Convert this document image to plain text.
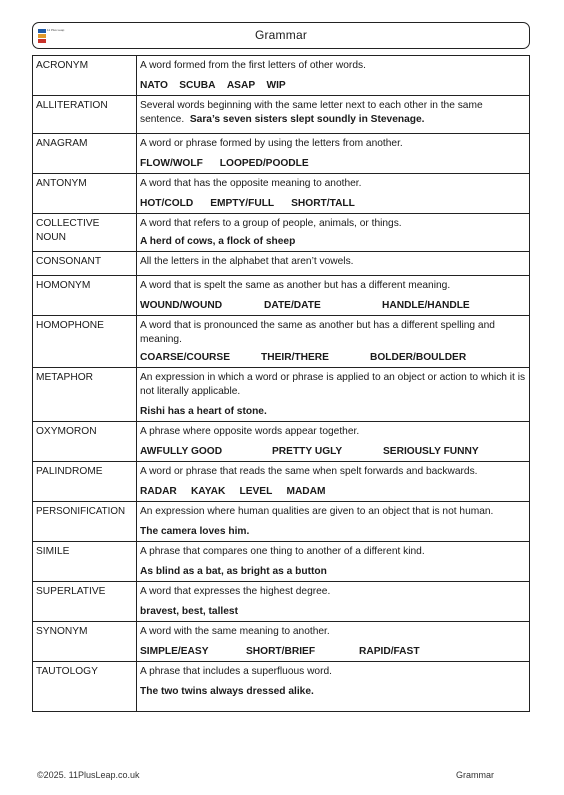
11 Plus Leap	Grammar
ACRONYM	A word formed from the first letters of other words.
NATO SCUBA ASAP WIP

ALLITERATION	Several words beginning with the same letter next to each other in the same sentence. Sara’s seven sisters slept soundly in Stevenage.
ANAGRAM	A word or phrase formed by using the letters from another.
FLOW/WOLF LOOPED/POODLE

ANTONYM	A word that has the opposite meaning to another.
HOT/COLD EMPTY/FULL SHORT/TALL

COLLECTIVE NOUN	A word that refers to a group of people, animals, or things.
A herd of cows, a flock of sheep

CONSONANT	All the letters in the alphabet that aren’t vowels.

HOMONYM	A word that is spelt the same as another but has a different meaning.
WOUND/WOUND DATE/DATE HANDLE/HANDLE

HOMOPHONE	A word that is pronounced the same as another but has a different spelling and meaning.
COARSE/COURSE THEIR/THERE BOLDER/BOULDER

METAPHOR	An expression in which a word or phrase is applied to an object or action to which it is not literally applicable.
Rishi has a heart of stone.

OXYMORON	A phrase where opposite words appear together.
AWFULLY GOOD PRETTY UGLY SERIOUSLY FUNNY

PALINDROME	A word or phrase that reads the same when spelt forwards and backwards.
RADAR KAYAK LEVEL MADAM

PERSONIFICATION	An expression where human qualities are given to an object that is not human.
The camera loves him.

SIMILE	A phrase that compares one thing to another of a different kind.
As blind as a bat, as bright as a button

SUPERLATIVE	A word that expresses the highest degree.
bravest, best, tallest

SYNONYM	A word with the same meaning to another.
SIMPLE/EASY SHORT/BRIEF RAPID/FAST

TAUTOLOGY	A phrase that includes a superfluous word.
The two twins always dressed alike.
©2025. 11PlusLeap.co.uk	Grammar
